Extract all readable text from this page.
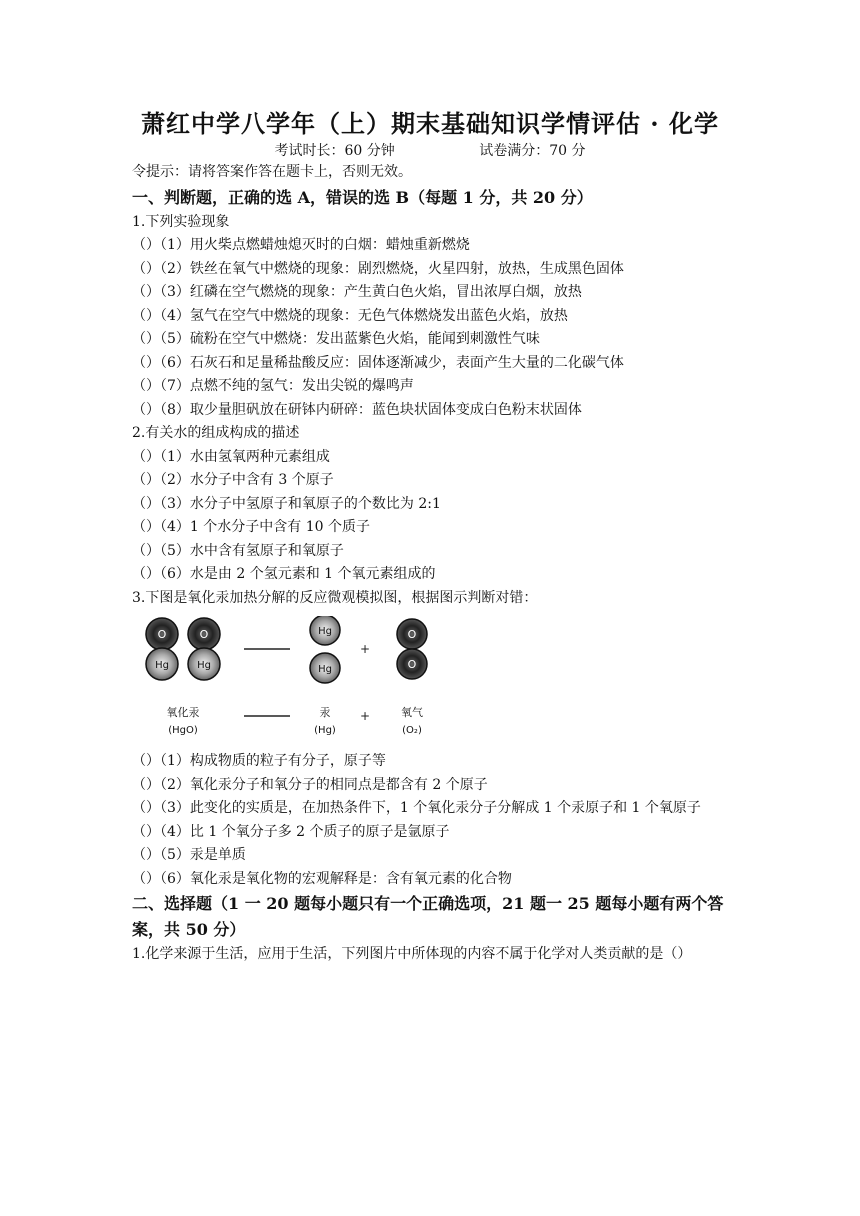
萧红中学八学年（上）期末基础知识学情评估 · 化学
考试时长：60 分钟	试卷满分：70 分
令提示：请将答案作答在题卡上，否则无效。
一、判断题，正确的选 A，错误的选 B（每题 1 分，共 20 分）
1.下列实验现象
（）（1）用火柴点燃蜡烛熄灭时的白烟：蜡烛重新燃烧
（）（2）铁丝在氧气中燃烧的现象：剧烈燃烧，火星四射，放热，生成黑色固体
（）（3）红磷在空气燃烧的现象：产生黄白色火焰，冒出浓厚白烟，放热
（）（4）氢气在空气中燃烧的现象：无色气体燃烧发出蓝色火焰，放热
（）（5）硫粉在空气中燃烧：发出蓝紫色火焰，能闻到刺激性气味
（）（6）石灰石和足量稀盐酸反应：固体逐渐减少，表面产生大量的二化碳气体
（）（7）点燃不纯的氢气：发出尖锐的爆鸣声
（）（8）取少量胆矾放在研钵内研碎：蓝色块状固体变成白色粉末状固体
2.有关水的组成构成的描述
（）（1）水由氢氧两种元素组成
（）（2）水分子中含有 3 个原子
（）（3）水分子中氢原子和氧原子的个数比为 2:1
（）（4）1 个水分子中含有 10 个质子
（）（5）水中含有氢原子和氧原子
（）（6）水是由 2 个氢元素和 1 个氧元素组成的
3.下图是氧化汞加热分解的反应微观模拟图，根据图示判断对错：
O
Hg
O
Hg
Hg
Hg
+
O
O
氧化汞
(HgO)
汞
(Hg)
+	氧气
(O₂)
（）（1）构成物质的粒子有分子，原子等
（）（2）氧化汞分子和氧分子的相同点是都含有 2 个原子
（）（3）此变化的实质是，在加热条件下，1 个氧化汞分子分解成 1 个汞原子和 1 个氧原子
（）（4）比 1 个氧分子多 2 个质子的原子是氩原子
（）（5）汞是单质
（）（6）氧化汞是氧化物的宏观解释是：含有氧元素的化合物
二、选择题（1 一 20 题每小题只有一个正确选项，21 题一 25 题每小题有两个答案，共 50 分）
1.化学来源于生活，应用于生活，下列图片中所体现的内容不属于化学对人类贡献的是（）
